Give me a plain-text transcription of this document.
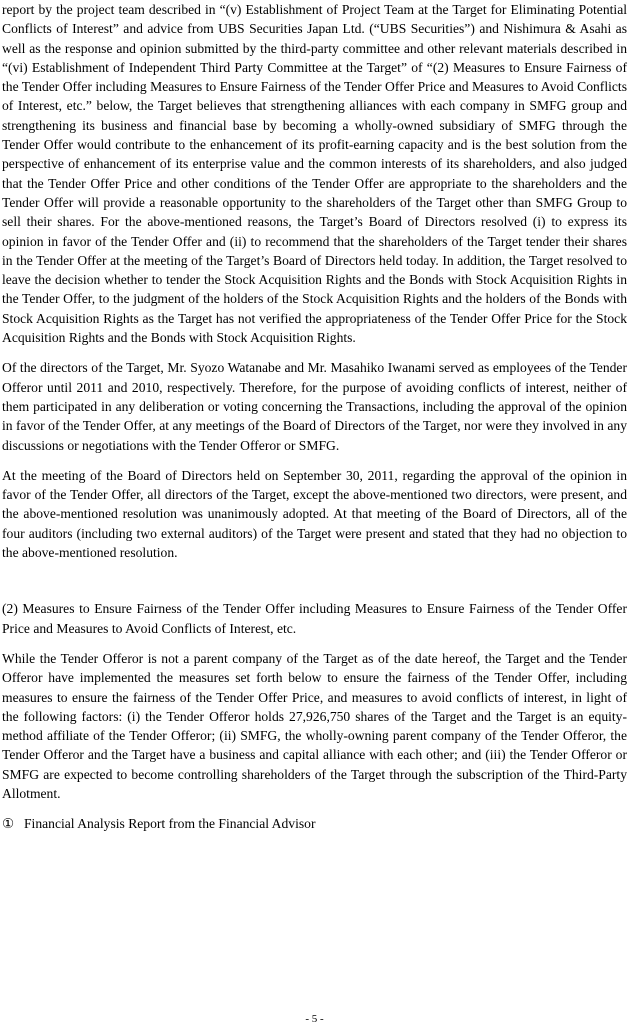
report by the project team described in “(v) Establishment of Project Team at the Target for Eliminating Potential Conflicts of Interest” and advice from UBS Securities Japan Ltd. (“UBS Securities”) and Nishimura & Asahi as well as the response and opinion submitted by the third-party committee and other relevant materials described in “(vi) Establishment of Independent Third Party Committee at the Target” of “(2) Measures to Ensure Fairness of the Tender Offer including Measures to Ensure Fairness of the Tender Offer Price and Measures to Avoid Conflicts of Interest, etc.” below, the Target believes that strengthening alliances with each company in SMFG group and strengthening its business and financial base by becoming a wholly-owned subsidiary of SMFG through the Tender Offer would contribute to the enhancement of its profit-earning capacity and is the best solution from the perspective of enhancement of its enterprise value and the common interests of its shareholders, and also judged that the Tender Offer Price and other conditions of the Tender Offer are appropriate to the shareholders and the Tender Offer will provide a reasonable opportunity to the shareholders of the Target other than SMFG Group to sell their shares. For the above-mentioned reasons, the Target’s Board of Directors resolved (i) to express its opinion in favor of the Tender Offer and (ii) to recommend that the shareholders of the Target tender their shares in the Tender Offer at the meeting of the Target’s Board of Directors held today. In addition, the Target resolved to leave the decision whether to tender the Stock Acquisition Rights and the Bonds with Stock Acquisition Rights in the Tender Offer, to the judgment of the holders of the Stock Acquisition Rights and the holders of the Bonds with Stock Acquisition Rights as the Target has not verified the appropriateness of the Tender Offer Price for the Stock Acquisition Rights and the Bonds with Stock Acquisition Rights.

Of the directors of the Target, Mr. Syozo Watanabe and Mr. Masahiko Iwanami served as employees of the Tender Offeror until 2011 and 2010, respectively. Therefore, for the purpose of avoiding conflicts of interest, neither of them participated in any deliberation or voting concerning the Transactions, including the approval of the opinion in favor of the Tender Offer, at any meetings of the Board of Directors of the Target, nor were they involved in any discussions or negotiations with the Tender Offeror or SMFG.

At the meeting of the Board of Directors held on September 30, 2011, regarding the approval of the opinion in favor of the Tender Offer, all directors of the Target, except the above-mentioned two directors, were present, and the above-mentioned resolution was unanimously adopted. At that meeting of the Board of Directors, all of the four auditors (including two external auditors) of the Target were present and stated that they had no objection to the above-mentioned resolution.

(2) Measures to Ensure Fairness of the Tender Offer including Measures to Ensure Fairness of the Tender Offer Price and Measures to Avoid Conflicts of Interest, etc.

While the Tender Offeror is not a parent company of the Target as of the date hereof, the Target and the Tender Offeror have implemented the measures set forth below to ensure the fairness of the Tender Offer, including measures to ensure the fairness of the Tender Offer Price, and measures to avoid conflicts of interest, in light of the following factors: (i) the Tender Offeror holds 27,926,750 shares of the Target and the Target is an equity-method affiliate of the Tender Offeror; (ii) SMFG, the wholly-owning parent company of the Tender Offeror, the Tender Offeror and the Target have a business and capital alliance with each other; and (iii) the Tender Offeror or SMFG are expected to become controlling shareholders of the Target through the subscription of the Third-Party Allotment.

① Financial Analysis Report from the Financial Advisor

- 5 -
